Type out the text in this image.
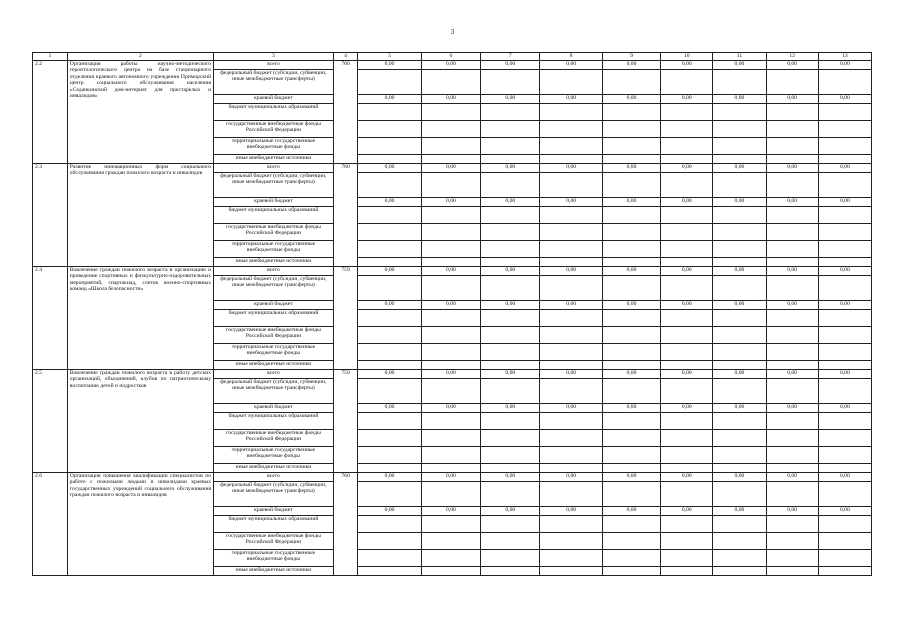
3
1	2	3	4	5	6	7	8	9	10	11	12	13
2.2	Организация работы научно-методического геронтологического центра на базе стационарного отделения краевого автономного учреждения Приморский центр социального обслуживания населения «Седанкинский дом-интернат для престарелых и инвалидов»	всего	760	0,00	0,00	0,00	0,00	0,00	0,00	0,00	0,00	0,00
		федеральный бюджет (субсидии, субвенции, иные межбюджетные трансферты)										
		краевой бюджет		0,00	0,00	0,00	0,00	0,00	0,00	0,00	0,00	0,00
		бюджет муниципальных образований										
		государственные внебюджетные фонды Российской Федерации										
		территориальные государственные внебюджетные фонды										
		иные внебюджетные источники										
2.3	Развитие инновационных форм социального обслуживания граждан пожилого возраста и инвалидов	всего	760	0,00	0,00	0,00	0,00	0,00	0,00	0,00	0,00	0,00
		федеральный бюджет (субсидии, субвенции, иные межбюджетные трансферты)										
		краевой бюджет		0,00	0,00	0,00	0,00	0,00	0,00	0,00	0,00	0,00
		бюджет муниципальных образований										
		государственные внебюджетные фонды Российской Федерации										
		территориальные государственные внебюджетные фонды										
		иные внебюджетные источники										
2.4	Вовлечение граждан пожилого возраста в организацию и проведение спортивных и физкультурно-оздоровительных мероприятий, спартакиад, слетов военно-спортивных команд «Школа безопасности»	всего	759	0,00	0,00	0,00	0,00	0,00	0,00	0,00	0,00	0,00
		федеральный бюджет (субсидии, субвенции, иные межбюджетные трансферты)										
		краевой бюджет		0,00	0,00	0,00	0,00	0,00	0,00	0,00	0,00	0,00
		бюджет муниципальных образований										
		государственные внебюджетные фонды Российской Федерации										
		территориальные государственные внебюджетные фонды										
		иные внебюджетные источники										
2.5	Вовлечение граждан пожилого возраста в работу детских организаций, объединений, клубов по патриотическому воспитанию детей и подростков	всего	759	0,00	0,00	0,00	0,00	0,00	0,00	0,00	0,00	0,00
		федеральный бюджет (субсидии, субвенции, иные межбюджетные трансферты)										
		краевой бюджет		0,00	0,00	0,00	0,00	0,00	0,00	0,00	0,00	0,00
		бюджет муниципальных образований										
		государственные внебюджетные фонды Российской Федерации										
		территориальные государственные внебюджетные фонды										
		иные внебюджетные источники										
2.6	Организация повышения квалификации специалистов по работе с пожилыми людьми и инвалидами краевых государственных учреждений социального обслуживания граждан пожилого возраста и инвалидов	всего	760	0,00	0,00	0,00	0,00	0,00	0,00	0,00	0,00	0,00
		федеральный бюджет (субсидии, субвенции, иные межбюджетные трансферты)										
		краевой бюджет		0,00	0,00	0,00	0,00	0,00	0,00	0,00	0,00	0,00
		бюджет муниципальных образований										
		государственные внебюджетные фонды Российской Федерации										
		территориальные государственные внебюджетные фонды										
		иные внебюджетные источники										
